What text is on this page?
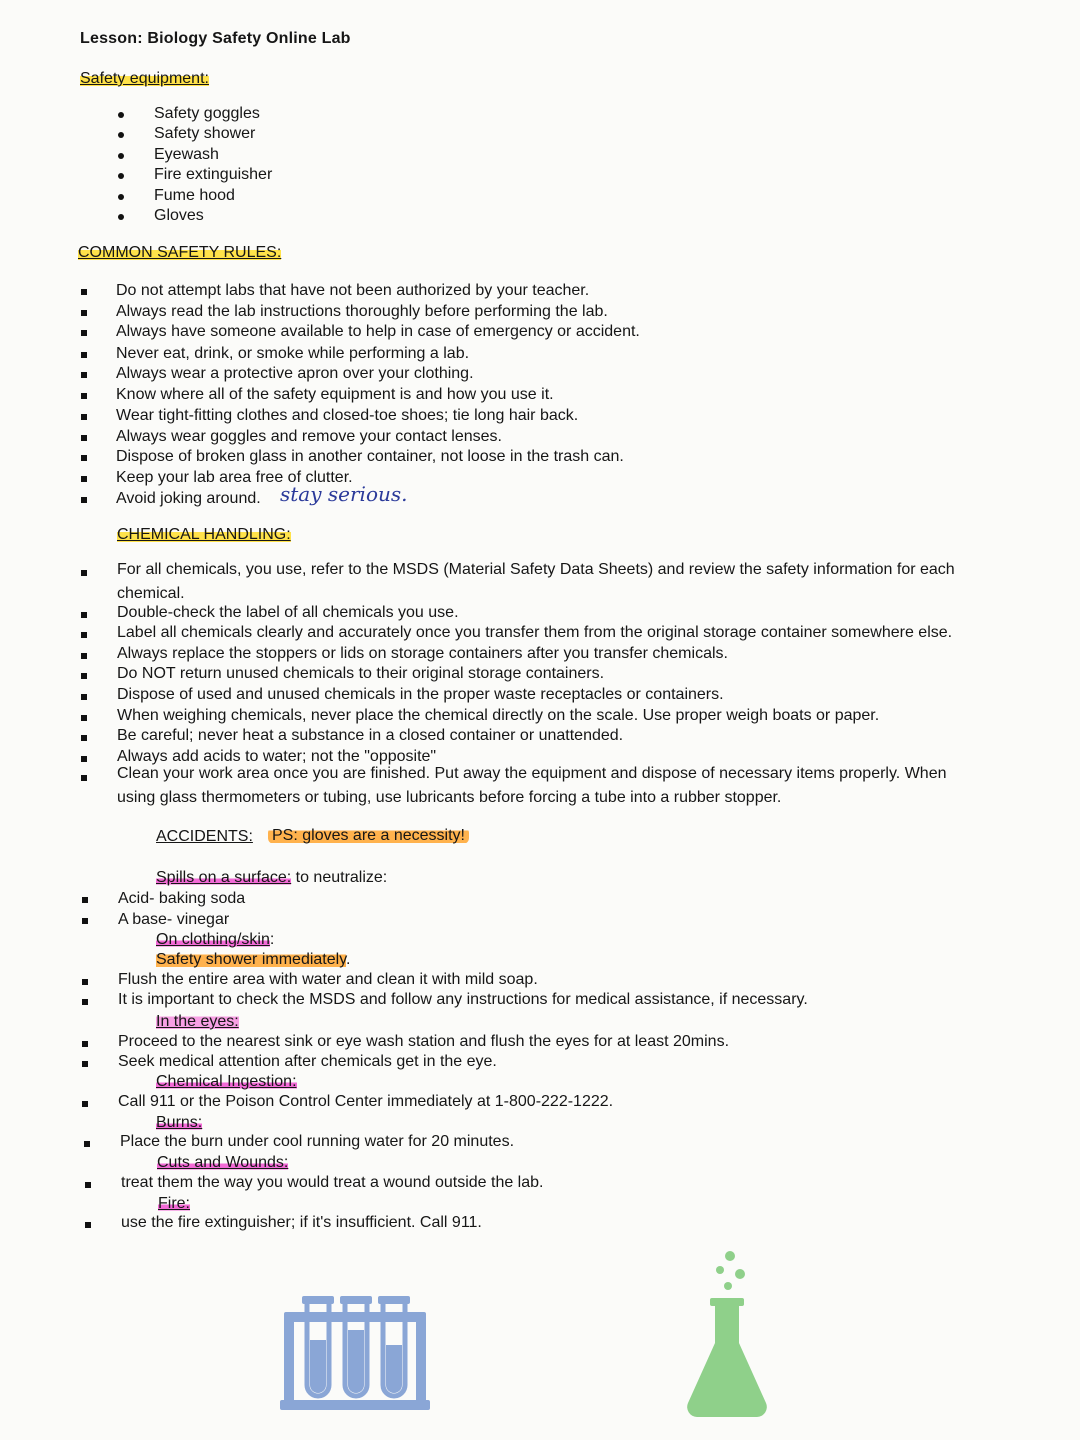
Lesson: Biology Safety Online Lab
Safety equipment:
Safety goggles
Safety shower
Eyewash
Fire extinguisher
Fume hood
Gloves
COMMON SAFETY RULES:
Do not attempt labs that have not been authorized by your teacher.
Always read the lab instructions thoroughly before performing the lab.
Always have someone available to help in case of emergency or accident.
Never eat, drink, or smoke while performing a lab.
Always wear a protective apron over your clothing.
Know where all of the safety equipment is and how you use it.
Wear tight-fitting clothes and closed-toe shoes; tie long hair back.
Always wear goggles and remove your contact lenses.
Dispose of broken glass in another container, not loose in the trash can.
Keep your lab area free of clutter.
Avoid joking around. stay serious.
CHEMICAL HANDLING:
For all chemicals, you use, refer to the MSDS (Material Safety Data Sheets) and review the safety information for each chemical.
Double-check the label of all chemicals you use.
Label all chemicals clearly and accurately once you transfer them from the original storage container somewhere else.
Always replace the stoppers or lids on storage containers after you transfer chemicals.
Do NOT return unused chemicals to their original storage containers.
Dispose of used and unused chemicals in the proper waste receptacles or containers.
When weighing chemicals, never place the chemical directly on the scale. Use proper weigh boats or paper.
Be careful; never heat a substance in a closed container or unattended.
Always add acids to water; not the "opposite"
Clean your work area once you are finished. Put away the equipment and dispose of necessary items properly. When using glass thermometers or tubing, use lubricants before forcing a tube into a rubber stopper.
ACCIDENTS: PS: gloves are a necessity!
Spills on a surface: to neutralize:
Acid- baking soda
A base- vinegar
On clothing/skin:
Safety shower immediately.
Flush the entire area with water and clean it with mild soap.
It is important to check the MSDS and follow any instructions for medical assistance, if necessary.
In the eyes:
Proceed to the nearest sink or eye wash station and flush the eyes for at least 20mins.
Seek medical attention after chemicals get in the eye.
Chemical Ingestion:
Call 911 or the Poison Control Center immediately at 1-800-222-1222.
Burns:
Place the burn under cool running water for 20 minutes.
Cuts and Wounds:
treat them the way you would treat a wound outside the lab.
Fire:
use the fire extinguisher; if it's insufficient. Call 911.
